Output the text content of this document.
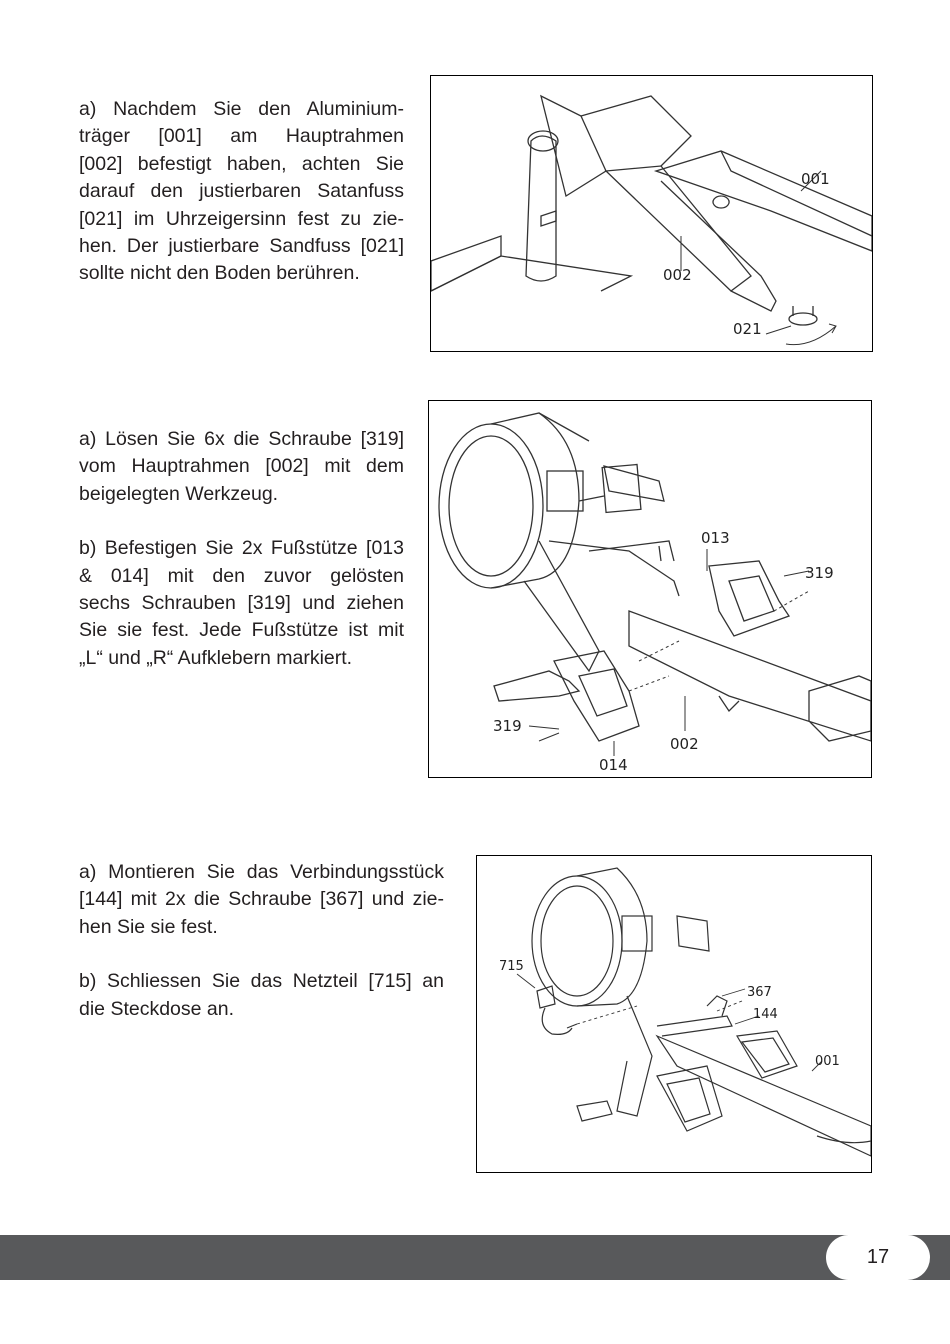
a) Nachdem Sie den Aluminium-
träger [001] am Hauptrahmen
[002] befestigt haben, achten Sie
darauf den justierbaren Satanfuss
[021] im Uhrzeigersinn fest zu zie-
hen. Der justierbare Sandfuss [021]
sollte nicht den Boden berühren.
001
002
021
a) Lösen Sie 6x die Schraube [319]
vom Hauptrahmen [002] mit dem
beigelegten Werkzeug.
b) Befestigen Sie 2x Fußstütze [013
& 014] mit den zuvor gelösten
sechs Schrauben [319] und ziehen
Sie sie fest. Jede Fußstütze ist mit
„L“ und „R“ Aufklebern markiert.
013
319
319
002
014
a) Montieren Sie das Verbindungsstück
[144] mit 2x die Schraube [367] und zie-
hen Sie sie fest.
b) Schliessen Sie das Netzteil [715] an
die Steckdose an.
715
367
144
001
17
